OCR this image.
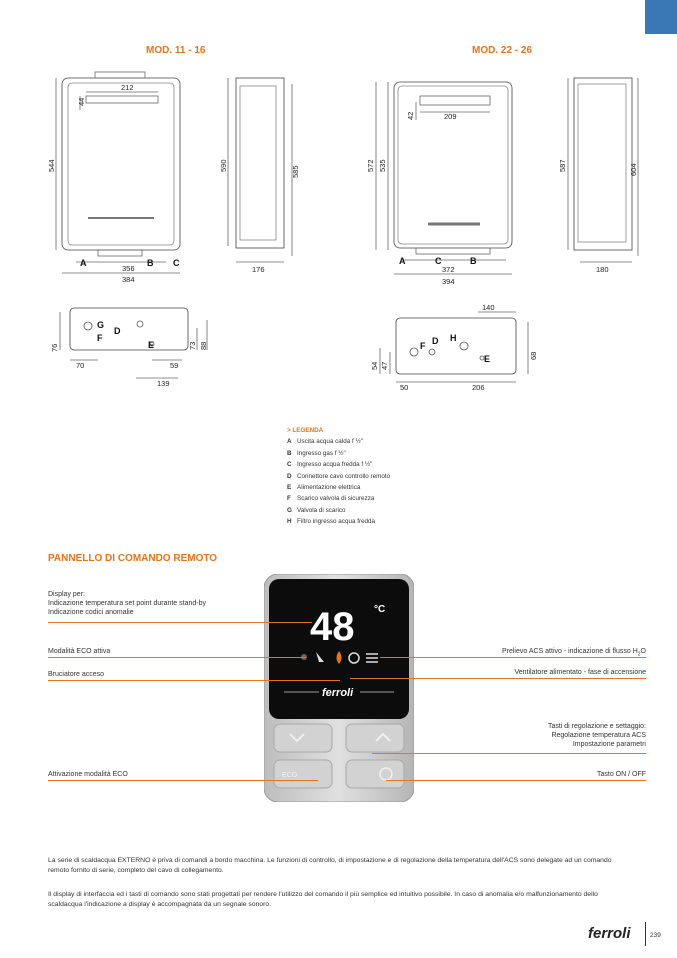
MOD. 11 - 16	MOD. 22 - 26
212
44
544
356
384
590	585
176
76
70	59
139
73 88
A	B C
G
F
D
E
209
42
572 535
372
394
587	604
180
140
54 47
50	206
68
A	C	B
D
F
H
E
> LEGENDA
A Uscita acqua calda f ½"
B Ingresso gas f ½"
C Ingresso acqua fredda f ½"
D Connettore cavo controllo remoto
E Alimentazione elettrica
F Scarico valvola di sicurezza
G Valvola di scarico
H Filtro ingresso acqua fredda
PANNELLO DI COMANDO REMOTO
48 °C
ferroli
ECO
Display per:
Indicazione temperatura set point durante stand-by
Indicazione codici anomalie
Modalità ECO attiva
Bruciatore acceso
Attivazione modalità ECO
Prelievo ACS attivo - indicazione di flusso $H_2O$
Ventilatore alimentato - fase di accensione
Tasti di regolazione e settaggio:
Regolazione temperatura ACS
Impostazione parametri
Tasto ON / OFF
La serie di scaldacqua EXTERNO è priva di comandi a bordo macchina. Le funzioni di controllo, di impostazione e di regolazione della temperatura dell'ACS sono delegate ad un comando remoto fornito di serie, completo del cavo di collegamento.
Il display di interfaccia ed i tasti di comando sono stati progettati per rendere l'utilizzo del comando il più semplice ed intuitivo possibile. In caso di anomalia e/o malfunzionamento dello scaldacqua l'indicazione a display è accompagnata da un segnale sonoro.
ferroli	239
